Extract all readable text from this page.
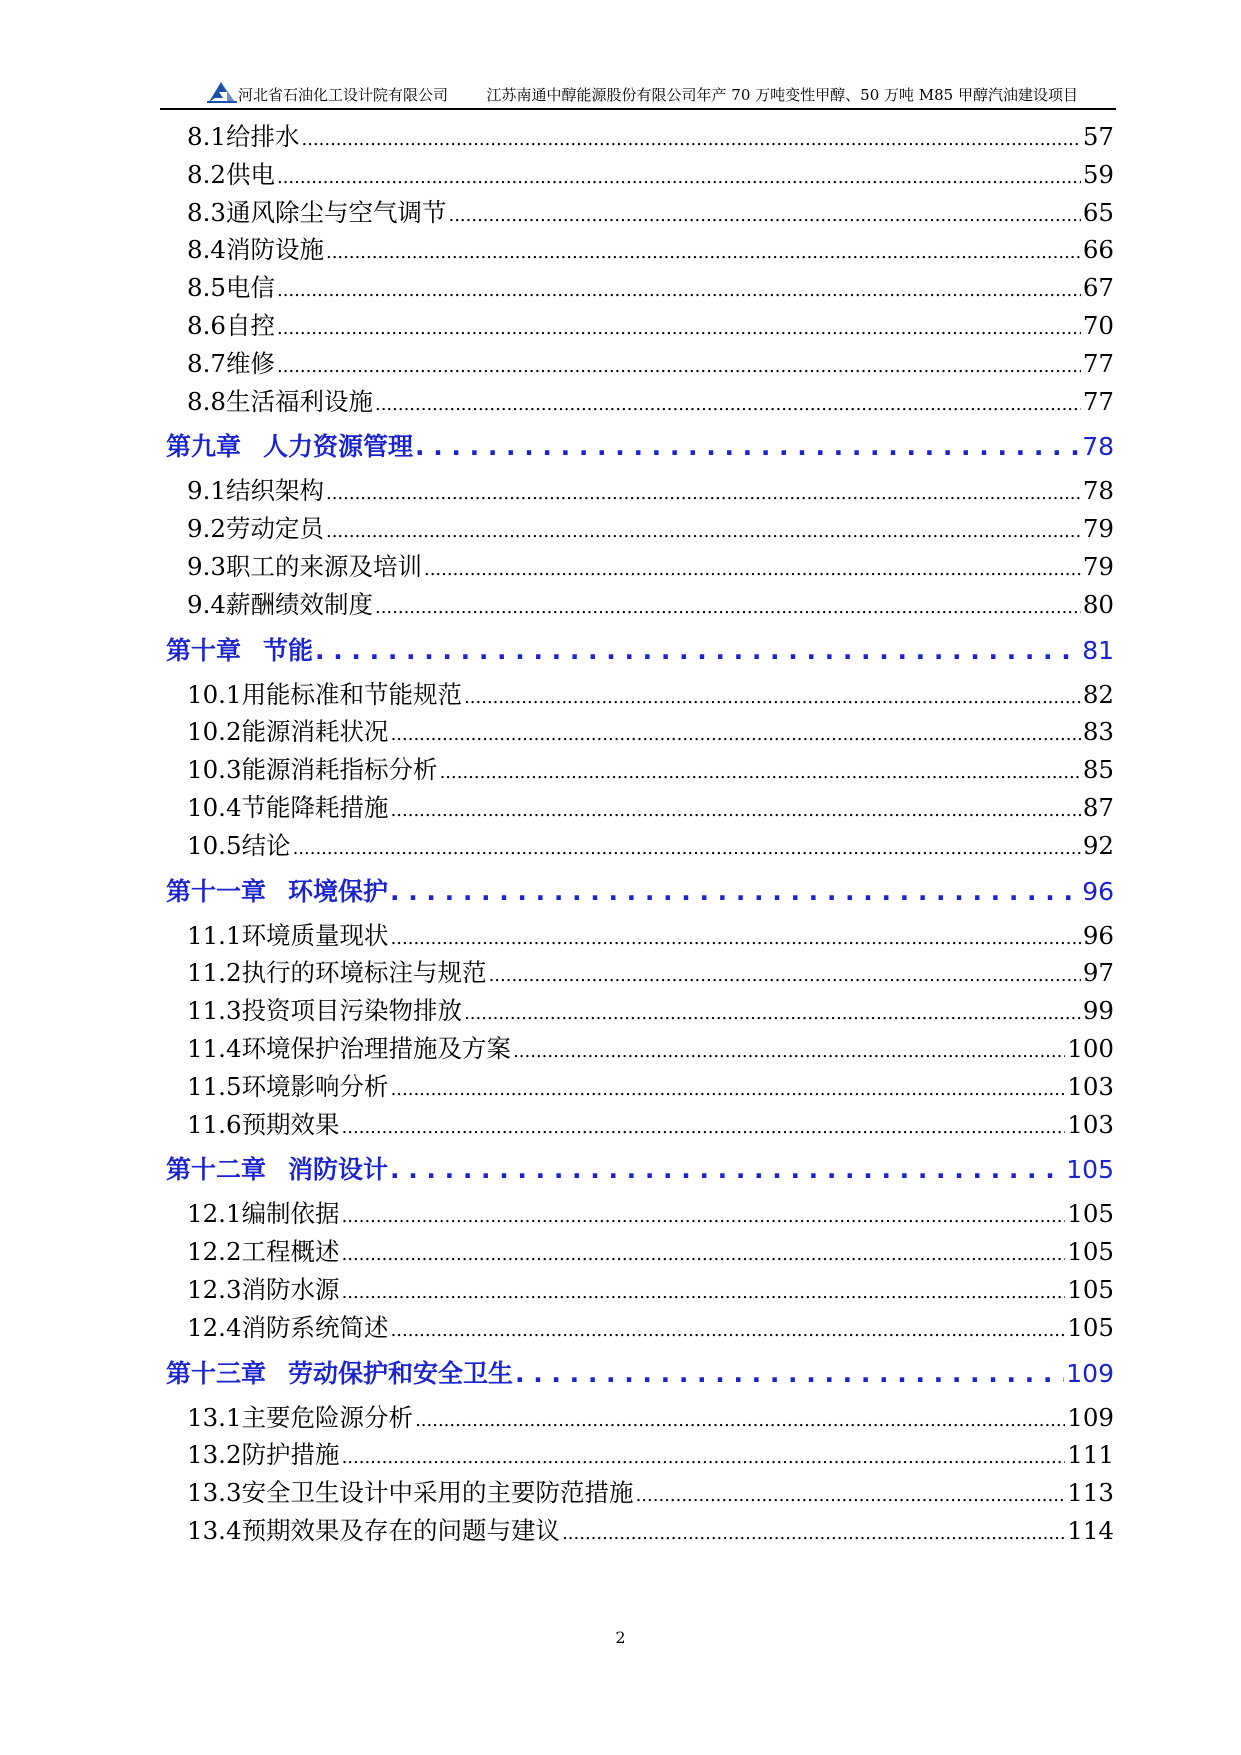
河北省石油化工设计院有限公司	江苏南通中醇能源股份有限公司年产 70 万吨变性甲醇、50 万吨 M85 甲醇汽油建设项目
8.1 给排水 .....	57
8.2 供电 .....	59
8.3 通风除尘与空气调节 .....	65
8.4 消防设施 .....	66
8.5 电信 .....	67
8.6 自控 .....	70
8.7 维修 .....	77
8.8 生活福利设施 .....	77
第九章 人力资源管理 . . .	78
9.1 结织架构 .....	78
9.2 劳动定员 .....	79
9.3 职工的来源及培训 .....	79
9.4 薪酬绩效制度 .....	80
第十章 节能 . . .	81
10.1 用能标准和节能规范 .....	82
10.2 能源消耗状况 .....	83
10.3 能源消耗指标分析 .....	85
10.4 节能降耗措施 .....	87
10.5 结论 .....	92
第十一章 环境保护 . . .	96
11.1 环境质量现状 .....	96
11.2 执行的环境标注与规范 .....	97
11.3 投资项目污染物排放 .....	99
11.4 环境保护治理措施及方案 .....	100
11.5 环境影响分析 .....	103
11.6 预期效果 .....	103
第十二章 消防设计 . . .	105
12.1 编制依据 .....	105
12.2 工程概述 .....	105
12.3 消防水源 .....	105
12.4 消防系统简述 .....	105
第十三章 劳动保护和安全卫生 . . .	109
13.1 主要危险源分析 .....	109
13.2 防护措施 .....	111
13.3 安全卫生设计中采用的主要防范措施 .....	113
13.4 预期效果及存在的问题与建议 .....	114
2
